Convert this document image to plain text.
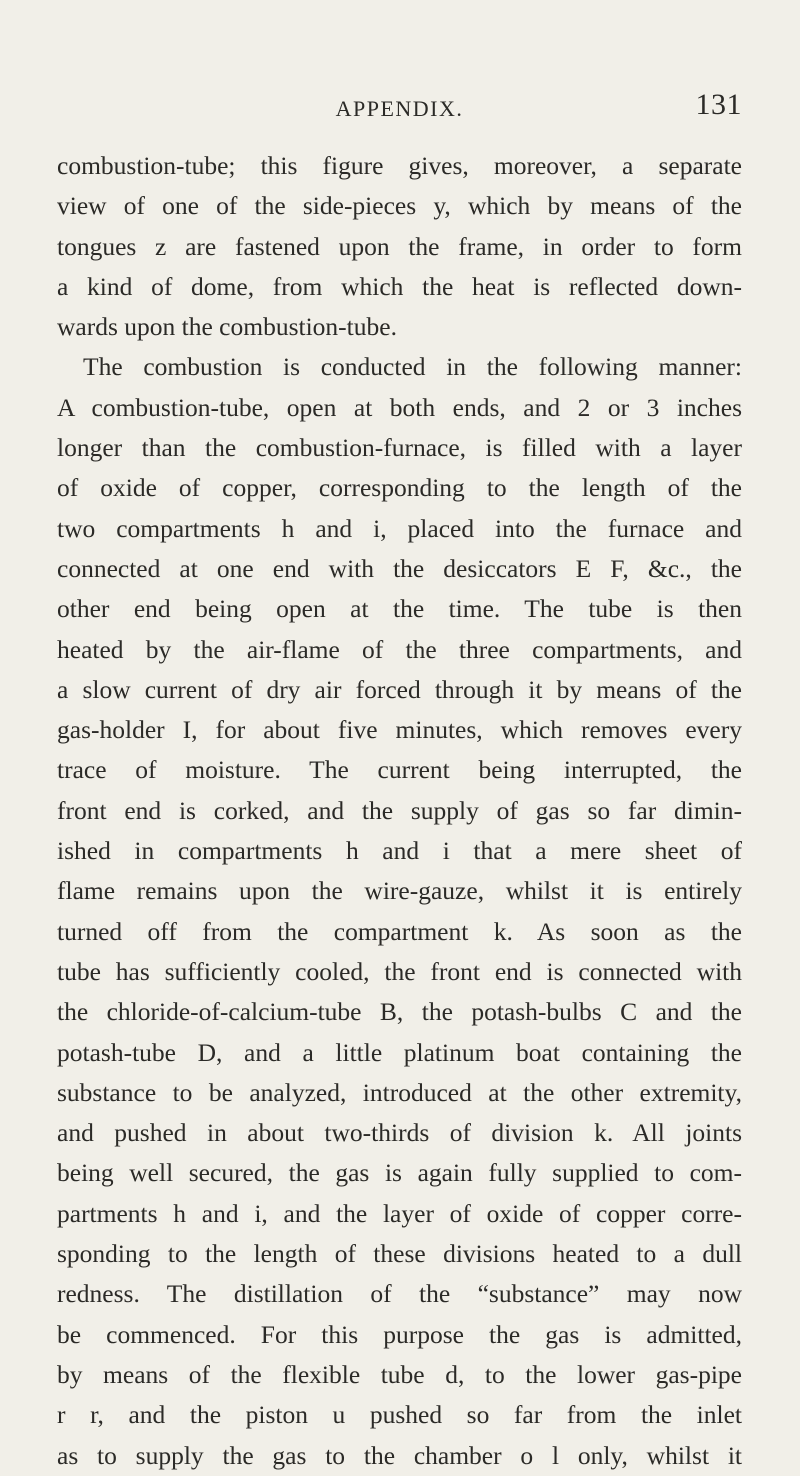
APPENDIX.	131
combustion-tube; this figure gives, moreover, a separate
view of one of the side-pieces y, which by means of the
tongues z are fastened upon the frame, in order to form
a kind of dome, from which the heat is reflected down-
wards upon the combustion-tube.
The combustion is conducted in the following manner:
A combustion-tube, open at both ends, and 2 or 3 inches
longer than the combustion-furnace, is filled with a layer
of oxide of copper, corresponding to the length of the
two compartments h and i, placed into the furnace and
connected at one end with the desiccators E F, &c., the
other end being open at the time. The tube is then
heated by the air-flame of the three compartments, and
a slow current of dry air forced through it by means of the
gas-holder I, for about five minutes, which removes every
trace of moisture. The current being interrupted, the
front end is corked, and the supply of gas so far dimin-
ished in compartments h and i that a mere sheet of
flame remains upon the wire-gauze, whilst it is entirely
turned off from the compartment k. As soon as the
tube has sufficiently cooled, the front end is connected with
the chloride-of-calcium-tube B, the potash-bulbs C and the
potash-tube D, and a little platinum boat containing the
substance to be analyzed, introduced at the other extremity,
and pushed in about two-thirds of division k. All joints
being well secured, the gas is again fully supplied to com-
partments h and i, and the layer of oxide of copper corre-
sponding to the length of these divisions heated to a dull
redness. The distillation of the “substance” may now
be commenced. For this purpose the gas is admitted,
by means of the flexible tube d, to the lower gas-pipe
r r, and the piston u pushed so far from the inlet
as to supply the gas to the chamber o l only, whilst it
